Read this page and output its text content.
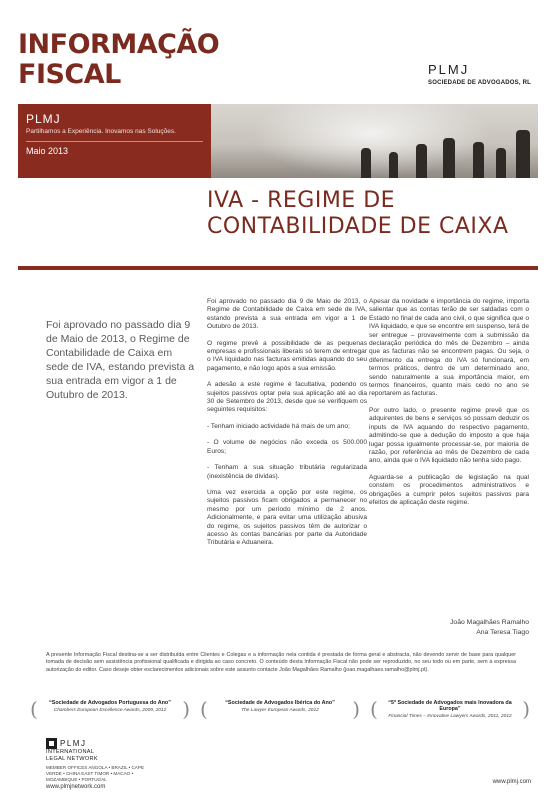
INFORMAÇÃO
FISCAL	PLMJ
SOCIEDADE DE ADVOGADOS, RL
PLMJ
Partilhamos a Experiência. Inovamos nas Soluções.
Maio 2013
IVA - REGIME DE
CONTABILIDADE DE CAIXA
Foi aprovado no passado dia 9 de Maio de 2013, o Regime de Contabilidade de Caixa em sede de IVA, estando prevista a sua entrada em vigor a 1 de Outubro de 2013.

Foi aprovado no passado dia 9 de Maio de 2013, o Regime de Contabilidade de Caixa em sede de IVA, estando prevista a sua entrada em vigor a 1 de Outubro de 2013.

O regime prevê a possibilidade de as pequenas empresas e profissionais liberais só terem de entregar o IVA liquidado nas facturas emitidas aquando do seu pagamento, e não logo após a sua emissão.

A adesão a este regime é facultativa, podendo os sujeitos passivos optar pela sua aplicação até ao dia 30 de Setembro de 2013, desde que se verifiquem os seguintes requisitos:

- Tenham iniciado actividade há mais de um ano;

- O volume de negócios não exceda os 500.000 Euros;

- Tenham a sua situação tributária regularizada (inexistência de dívidas).

Uma vez exercida a opção por este regime, os sujeitos passivos ficam obrigados a permanecer no mesmo por um período mínimo de 2 anos. Adicionalmente, e para evitar uma utilização abusiva do regime, os sujeitos passivos têm de autorizar o acesso às contas bancárias por parte da Autoridade Tributária e Aduaneira.

Apesar da novidade e importância do regime, importa salientar que as contas terão de ser saldadas com o Estado no final de cada ano civil, o que significa que o IVA liquidado, e que se encontre em suspenso, terá de ser entregue – provavelmente com a submissão da declaração periódica do mês de Dezembro – ainda que as facturas não se encontrem pagas. Ou seja, o diferimento da entrega do IVA só funcionará, em termos práticos, dentro de um determinado ano, sendo naturalmente a sua importância maior, em termos financeiros, quanto mais cedo no ano se reportarem as facturas.

Por outro lado, o presente regime prevê que os adquirentes de bens e serviços só possam deduzir os inputs de IVA aquando do respectivo pagamento, admitindo-se que a dedução do imposto a que haja lugar possa igualmente processar-se, por maioria de razão, por referência ao mês de Dezembro de cada ano, ainda que o IVA liquidado não tenha sido pago.

Aguarda-se a publicação de legislação na qual constem os procedimentos administrativos e obrigações a cumprir pelos sujeitos passivos para efeitos de aplicação deste regime.

João Magalhães Ramalho
Ana Teresa Tiago
A presente Informação Fiscal destina-se a ser distribuída entre Clientes e Colegas e a informação nela contida é prestada de forma geral e abstracta, não devendo servir de base para qualquer tomada de decisão sem assistência profissional qualificada e dirigida ao caso concreto. O conteúdo desta Informação Fiscal não pode ser reproduzido, no seu todo ou em parte, sem a expressa autorização do editor. Caso deseje obter esclarecimentos adicionais sobre este assunto contacte João Magalhães Ramalho (joao.magalhaes.ramalho@plmj.pt).
(	“Sociedade de Advogados Portuguesa do Ano”
Chambers European Excellence Awards, 2009, 2012 ) (	“Sociedade de Advogados Ibérica do Ano”
The Lawyer European Awards, 2012	) (	“5ª Sociedade de Advogados mais Inovadora da Europa”
Financial Times – Innovative Lawyers Awards, 2011, 2012 )
PLMJ
INTERNATIONAL
LEGAL NETWORK
MEMBER OFFICES ANGOLA • BRAZIL • CAPE VERDE • CHINA EAST TIMOR • MACAO • MOZAMBIQUE • PORTUGAL
www.plmjnetwork.com
www.plmj.com
